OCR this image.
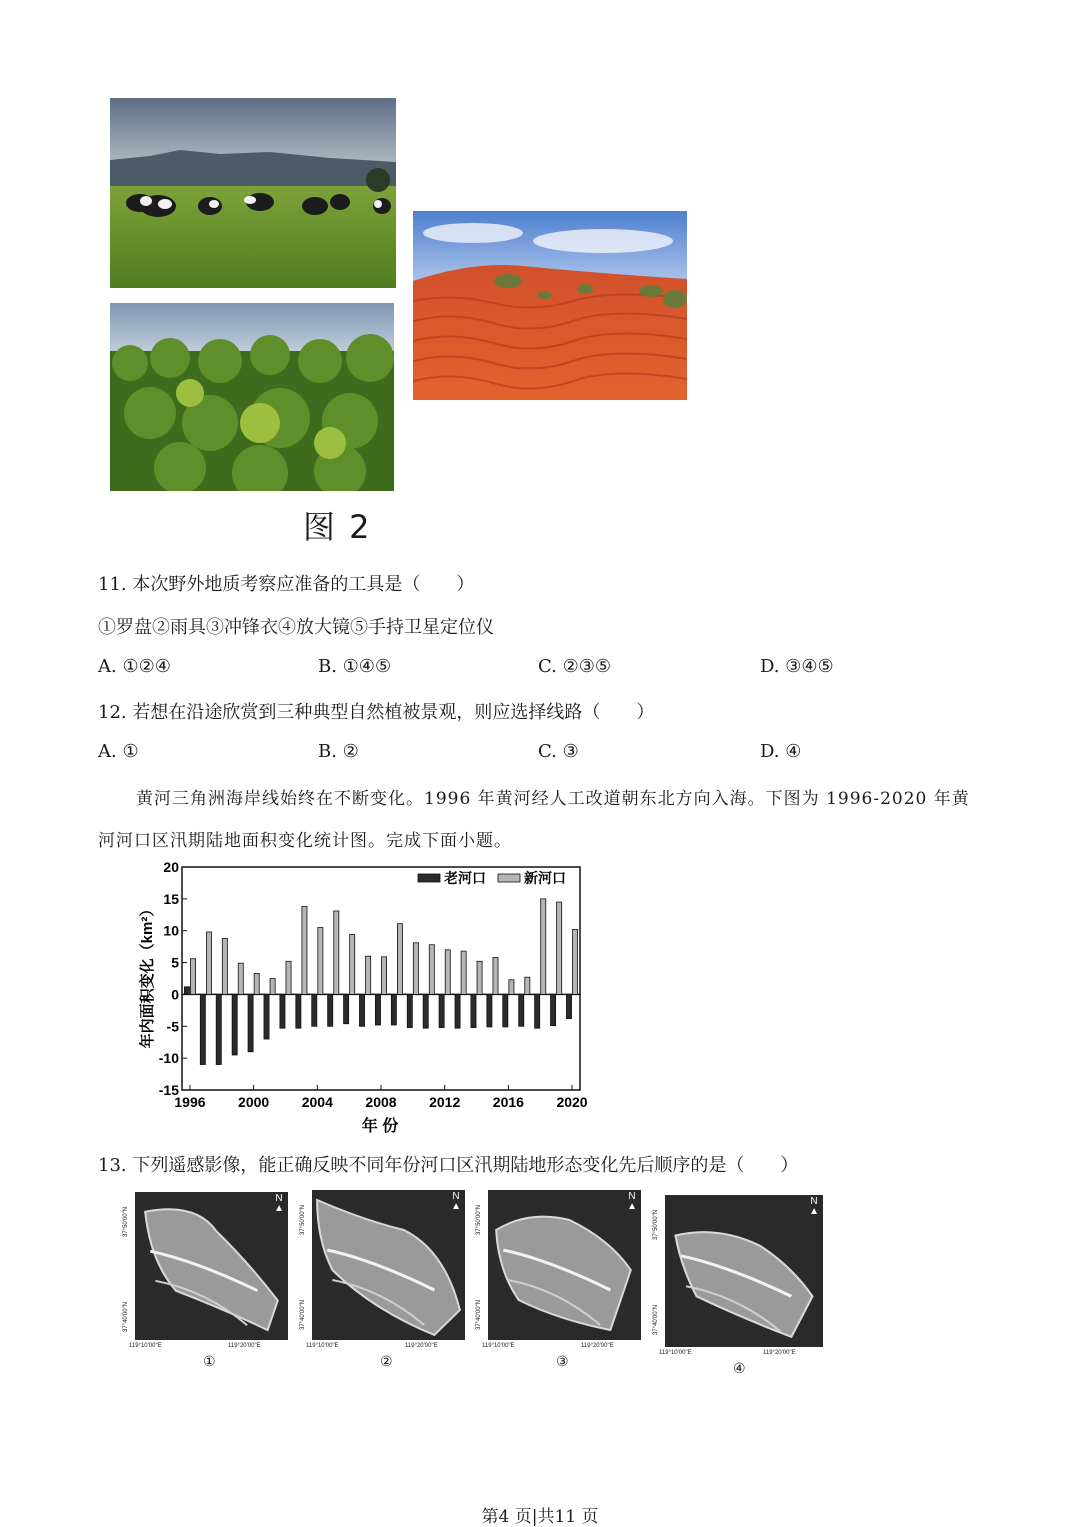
图 2
11. 本次野外地质考察应准备的工具是（　　）
①罗盘②雨具③冲锋衣④放大镜⑤手持卫星定位仪
A. ①②④	B. ①④⑤	C. ②③⑤	D. ③④⑤
12. 若想在沿途欣赏到三种典型自然植被景观，则应选择线路（　　）
A. ①	B. ②	C. ③	D. ④
黄河三角洲海岸线始终在不断变化。1996 年黄河经人工改道朝东北方向入海。下图为 1996-2020 年黄
河河口区汛期陆地面积变化统计图。完成下面小题。
20
15
10
5
0
-5
-10
-15
1996 2000 2004 2008 2012 2016 2020
老河口	新河口
年内面积变化（km²）
年 份
13. 下列遥感影像，能正确反映不同年份河口区汛期陆地形态变化先后顺序的是（　　）
N
▲
37°50'00"N
37°40'00"N
119°10'00"E	119°20'00"E
①
N
▲
37°50'00"N
37°40'00"N
119°10'00"E	119°20'00"E
②
N
▲
37°50'00"N
37°40'00"N
119°10'00"E	119°20'00"E
③
N
▲
37°50'00"N
37°40'00"N
119°10'00"E	119°20'00"E
④
第4 页|共11 页
